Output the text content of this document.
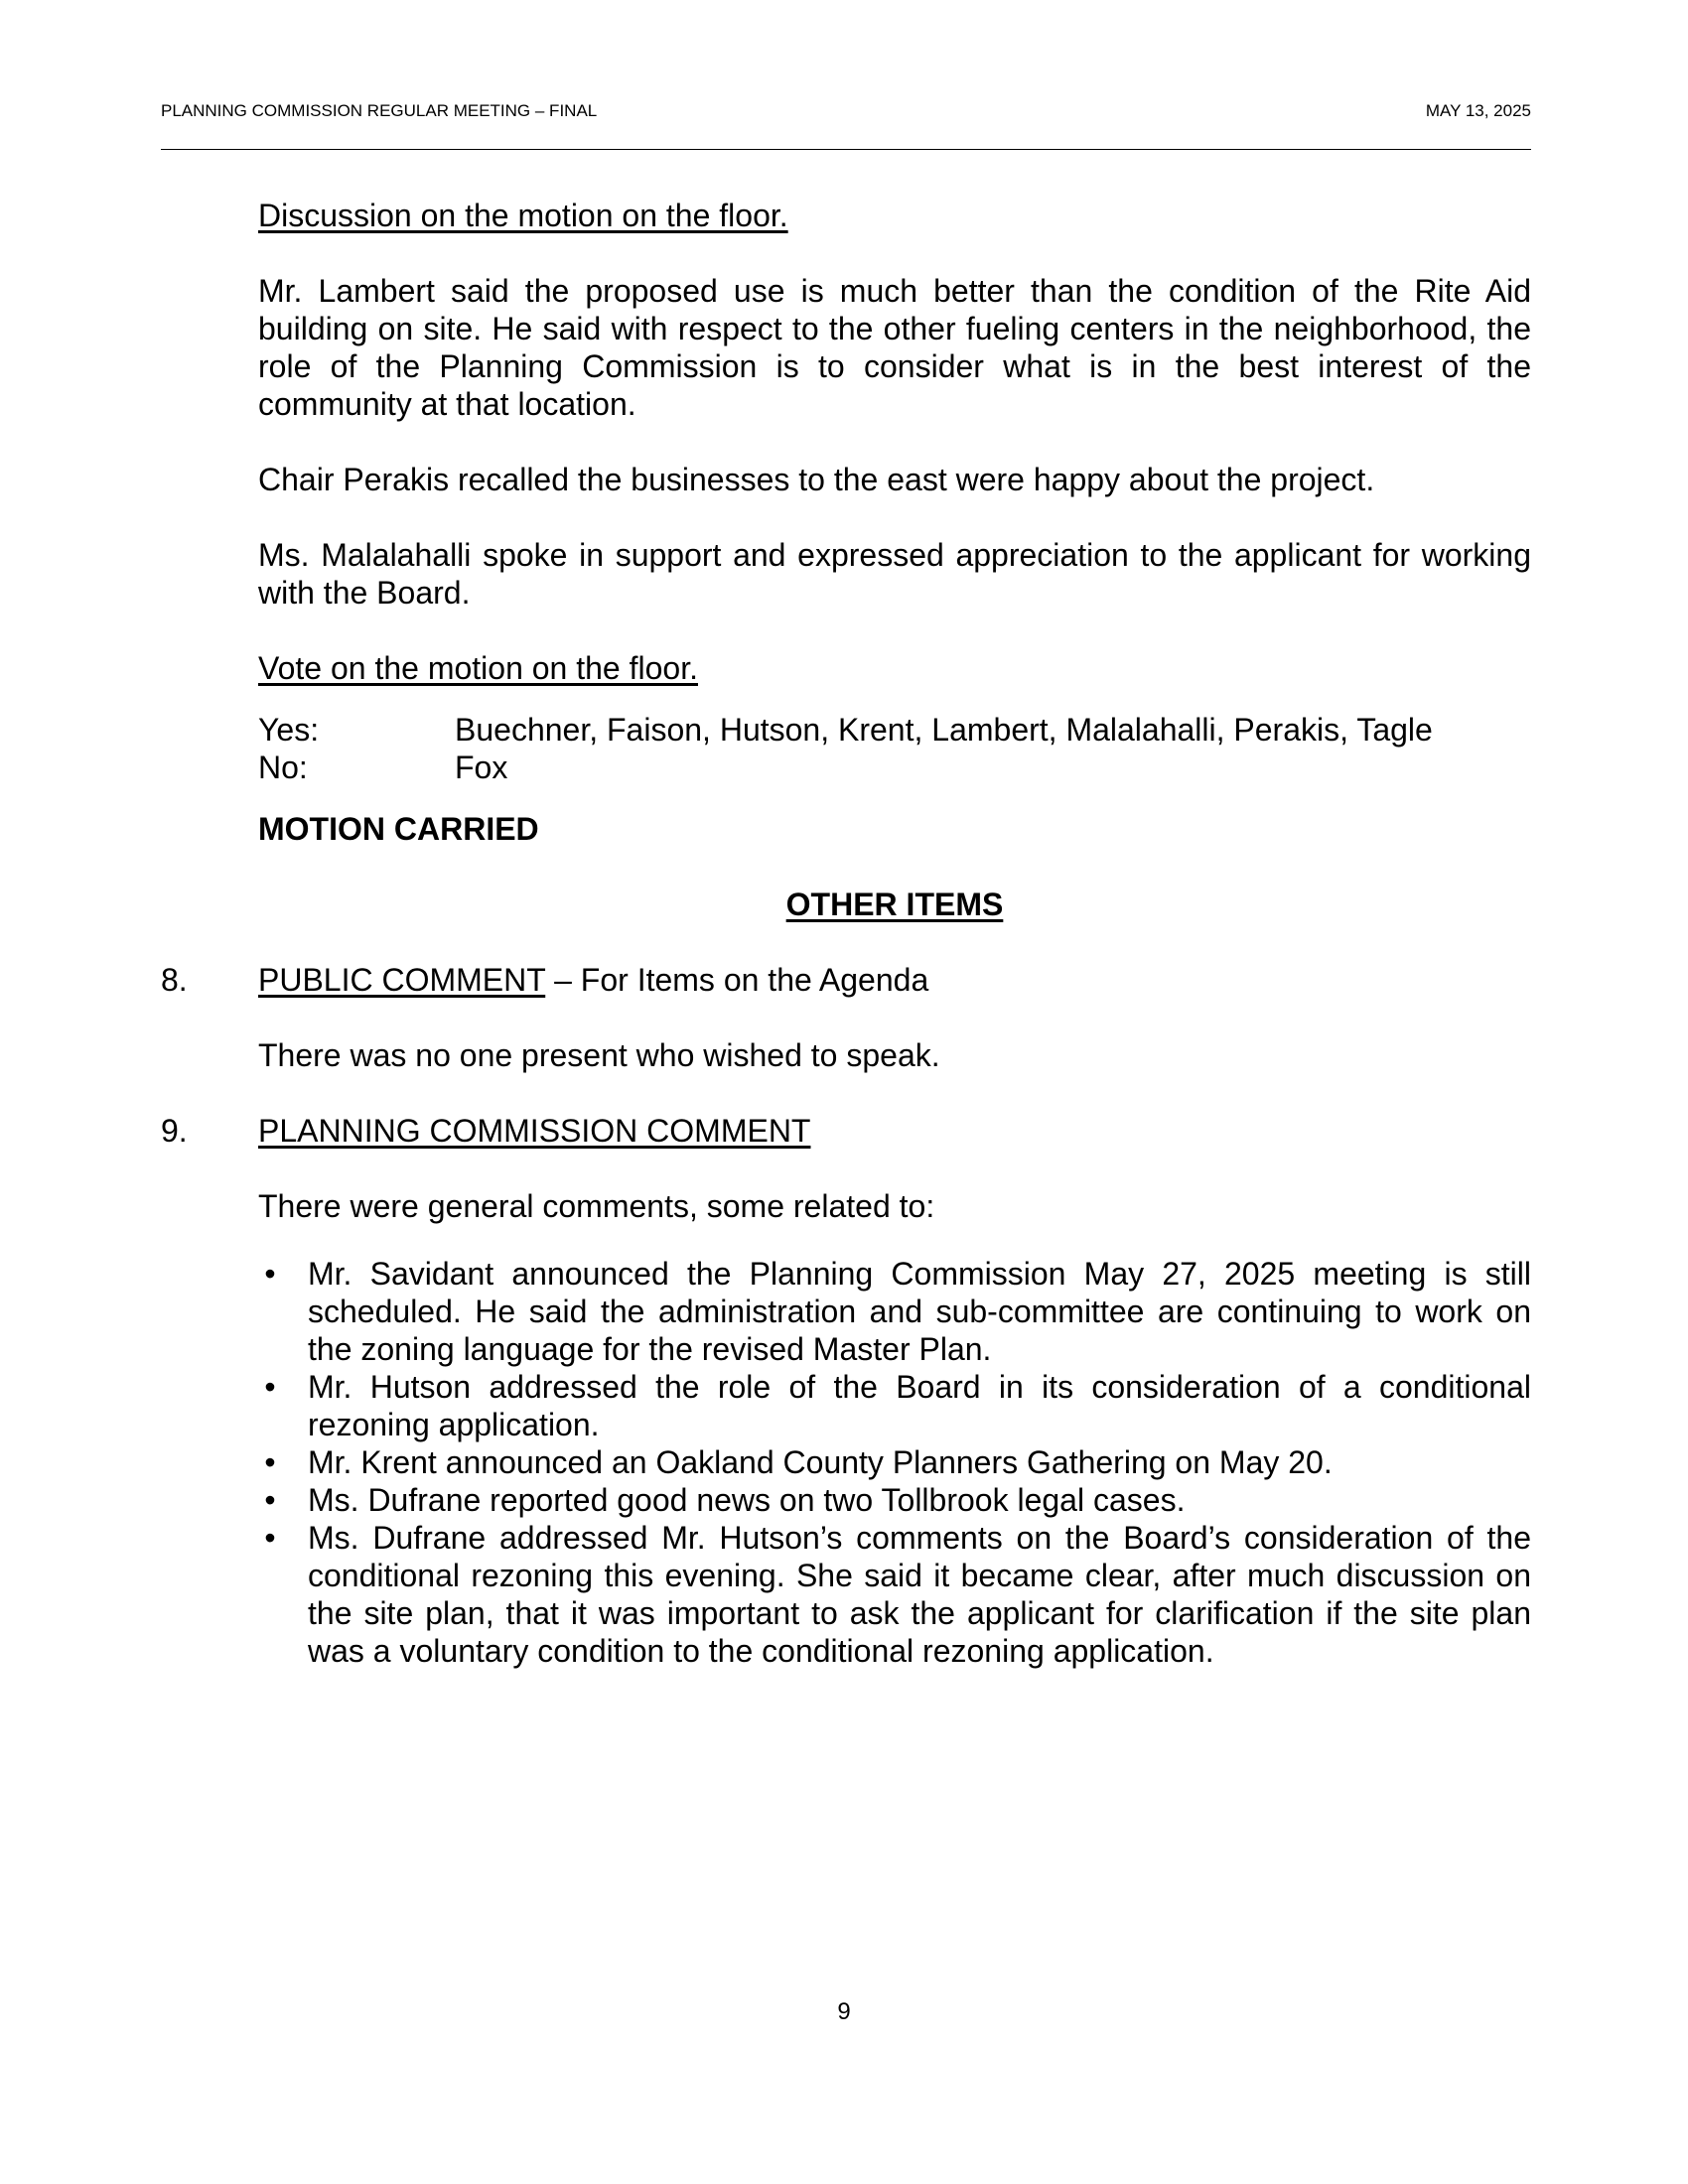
PLANNING COMMISSION REGULAR MEETING – FINAL	MAY 13, 2025

Discussion on the motion on the floor.

Mr. Lambert said the proposed use is much better than the condition of the Rite Aid building on site. He said with respect to the other fueling centers in the neighborhood, the role of the Planning Commission is to consider what is in the best interest of the community at that location.

Chair Perakis recalled the businesses to the east were happy about the project.

Ms. Malalahalli spoke in support and expressed appreciation to the applicant for working with the Board.

Vote on the motion on the floor.

Yes:	Buechner, Faison, Hutson, Krent, Lambert, Malalahalli, Perakis, Tagle
No:	Fox

MOTION CARRIED

OTHER ITEMS

8. PUBLIC COMMENT – For Items on the Agenda

There was no one present who wished to speak.

9. PLANNING COMMISSION COMMENT

There were general comments, some related to:

• Mr. Savidant announced the Planning Commission May 27, 2025 meeting is still scheduled. He said the administration and sub-committee are continuing to work on the zoning language for the revised Master Plan.
• Mr. Hutson addressed the role of the Board in its consideration of a conditional rezoning application.
• Mr. Krent announced an Oakland County Planners Gathering on May 20.
• Ms. Dufrane reported good news on two Tollbrook legal cases.
• Ms. Dufrane addressed Mr. Hutson’s comments on the Board’s consideration of the conditional rezoning this evening. She said it became clear, after much discussion on the site plan, that it was important to ask the applicant for clarification if the site plan was a voluntary condition to the conditional rezoning application.
9
